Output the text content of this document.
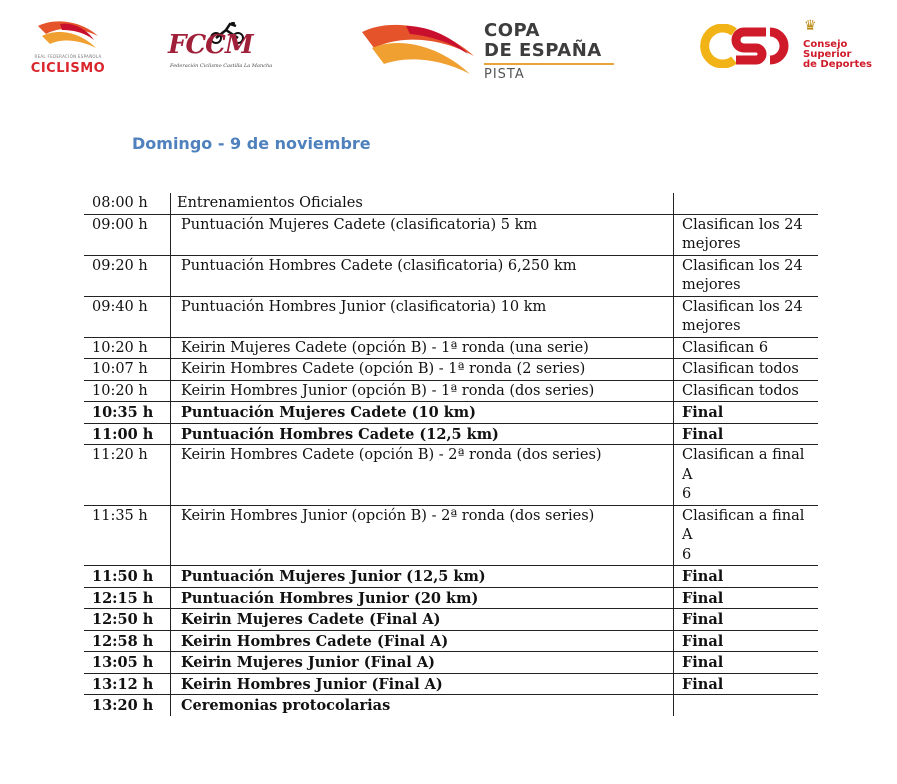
REAL FEDERACIÓN ESPAÑOLA
CICLISMO
FCCM
Federación Ciclismo Castilla La Mancha
COPA
DE ESPAÑA
PISTA
♛
Consejo
Superior
de Deportes
Domingo - 9 de noviembre
08:00 h	Entrenamientos Oficiales	
09:00 h	Puntuación Mujeres Cadete (clasificatoria) 5 km	Clasifican los 24
mejores

09:20 h	Puntuación Hombres Cadete (clasificatoria) 6,250 km	Clasifican los 24
mejores

09:40 h	Puntuación Hombres Junior (clasificatoria) 10 km	Clasifican los 24
mejores

10:20 h	Keirin Mujeres Cadete (opción B) - 1ª ronda (una serie)	Clasifican 6
10:07 h	Keirin Hombres Cadete (opción B) - 1ª ronda (2 series)	Clasifican todos
10:20 h	Keirin Hombres Junior (opción B) - 1ª ronda (dos series)	Clasifican todos
10:35 h	Puntuación Mujeres Cadete (10 km)	Final
11:00 h	Puntuación Hombres Cadete (12,5 km)	Final
11:20 h	Keirin Hombres Cadete (opción B) - 2ª ronda (dos series)	Clasifican a final A
6

11:35 h	Keirin Hombres Junior (opción B) - 2ª ronda (dos series)	Clasifican a final A
6

11:50 h	Puntuación Mujeres Junior (12,5 km)	Final
12:15 h	Puntuación Hombres Junior (20 km)	Final
12:50 h	Keirin Mujeres Cadete (Final A)	Final
12:58 h	Keirin Hombres Cadete (Final A)	Final
13:05 h	Keirin Mujeres Junior (Final A)	Final
13:12 h	Keirin Hombres Junior (Final A)	Final
13:20 h	Ceremonias protocolarias	
